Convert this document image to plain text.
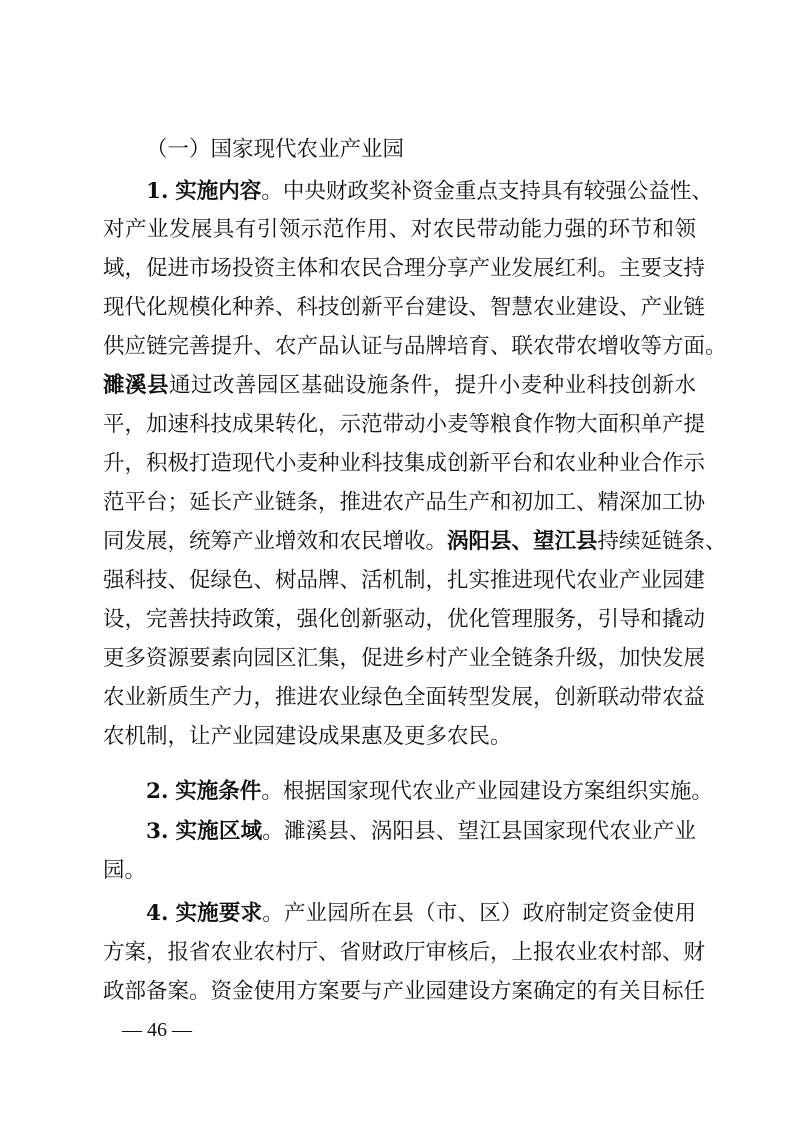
（一）国家现代农业产业园
1. 实施内容。中央财政奖补资金重点支持具有较强公益性、
对产业发展具有引领示范作用、对农民带动能力强的环节和领
域，促进市场投资主体和农民合理分享产业发展红利。主要支持
现代化规模化种养、科技创新平台建设、智慧农业建设、产业链
供应链完善提升、农产品认证与品牌培育、联农带农增收等方面。
濉溪县通过改善园区基础设施条件，提升小麦种业科技创新水
平，加速科技成果转化，示范带动小麦等粮食作物大面积单产提
升，积极打造现代小麦种业科技集成创新平台和农业种业合作示
范平台；延长产业链条，推进农产品生产和初加工、精深加工协
同发展，统筹产业增效和农民增收。涡阳县、望江县持续延链条、
强科技、促绿色、树品牌、活机制，扎实推进现代农业产业园建
设，完善扶持政策，强化创新驱动，优化管理服务，引导和撬动
更多资源要素向园区汇集，促进乡村产业全链条升级，加快发展
农业新质生产力，推进农业绿色全面转型发展，创新联动带农益
农机制，让产业园建设成果惠及更多农民。
2. 实施条件。根据国家现代农业产业园建设方案组织实施。
3. 实施区域。濉溪县、涡阳县、望江县国家现代农业产业
园。
4. 实施要求。产业园所在县（市、区）政府制定资金使用
方案，报省农业农村厅、省财政厅审核后，上报农业农村部、财
政部备案。资金使用方案要与产业园建设方案确定的有关目标任
— 46 —
